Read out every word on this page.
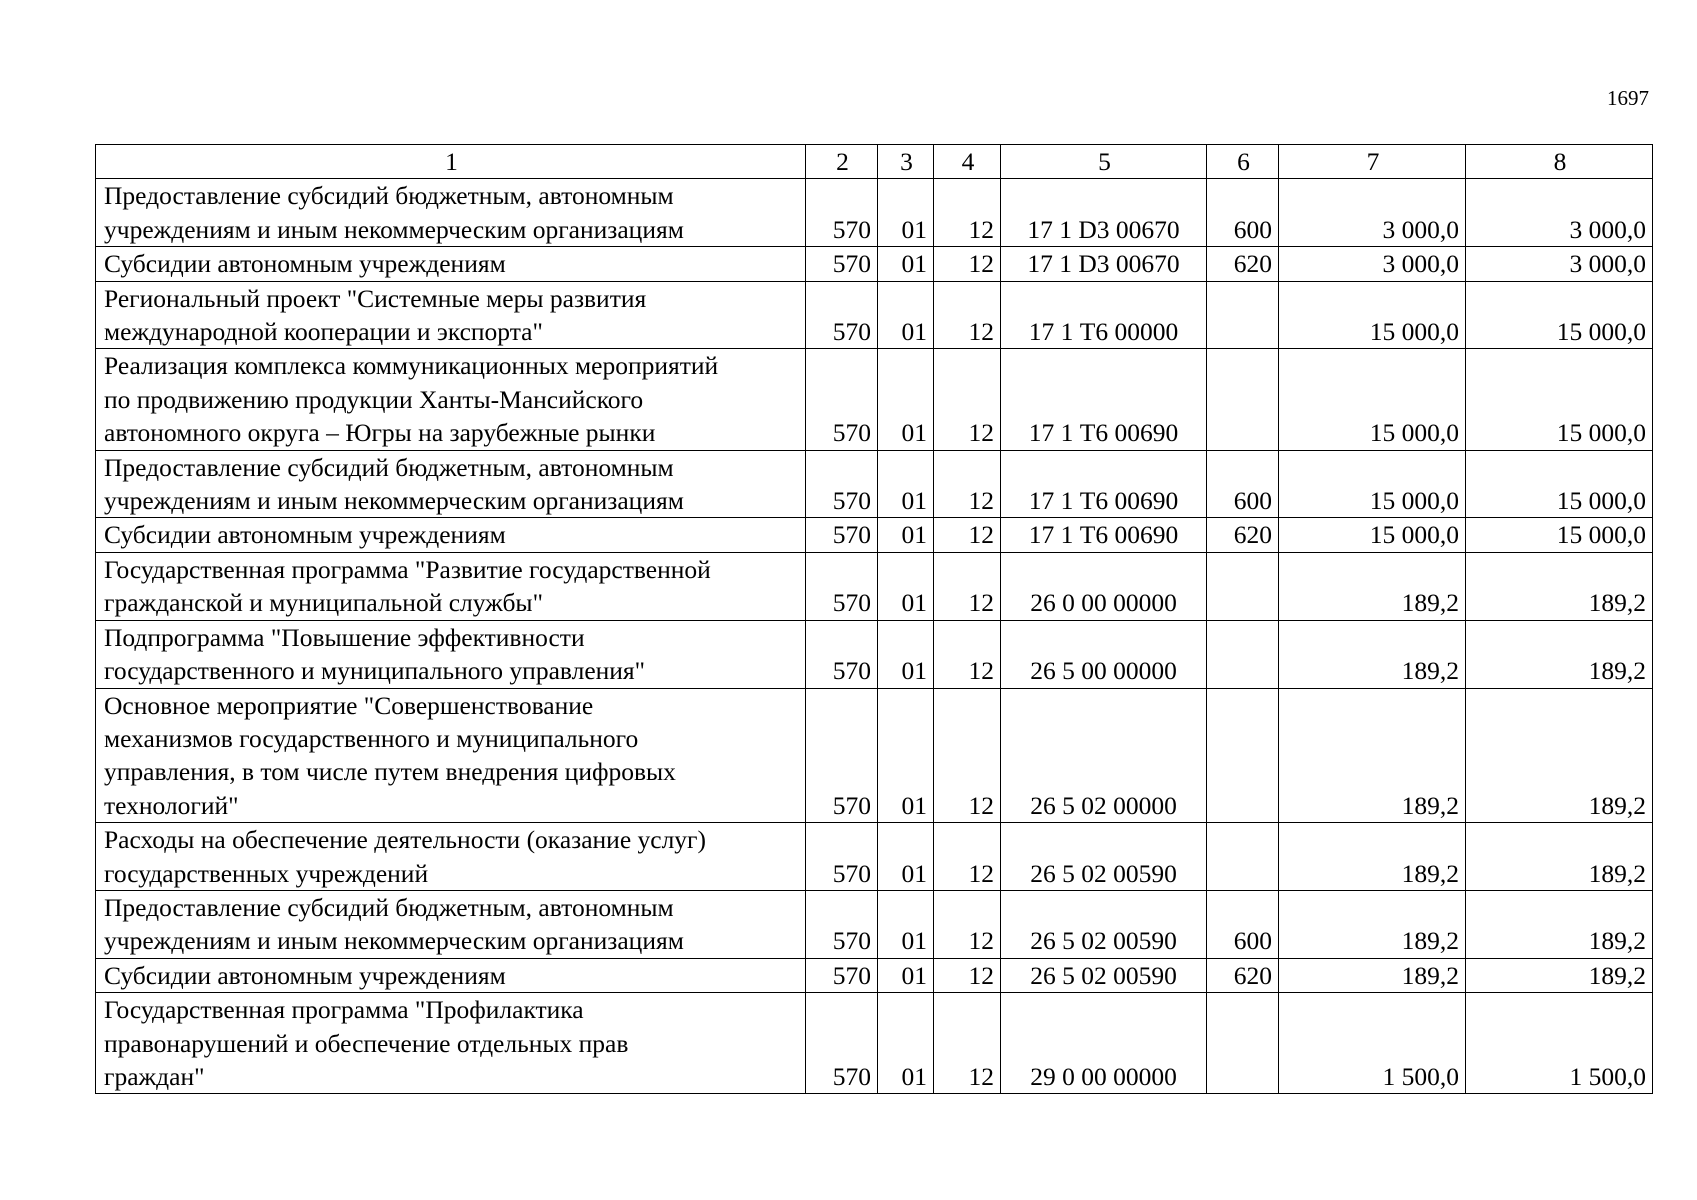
1697
1	2	3	4	5	6	7	8

Предоставление субсидий бюджетным, автономным
учреждениям и иным некоммерческим организациям	570	01	12	17 1 D3 00670	600	3 000,0	3 000,0

Субсидии автономным учреждениям	570	01	12	17 1 D3 00670	620	3 000,0	3 000,0

Региональный проект "Системные меры развития
международной кооперации и экспорта"	570	01	12	17 1 Т6 00000		15 000,0	15 000,0

Реализация комплекса коммуникационных мероприятий
по продвижению продукции Ханты-Мансийского
автономного округа – Югры на зарубежные рынки	570	01	12	17 1 Т6 00690		15 000,0	15 000,0

Предоставление субсидий бюджетным, автономным
учреждениям и иным некоммерческим организациям	570	01	12	17 1 Т6 00690	600	15 000,0	15 000,0

Субсидии автономным учреждениям	570	01	12	17 1 Т6 00690	620	15 000,0	15 000,0

Государственная программа "Развитие государственной
гражданской и муниципальной службы"	570	01	12	26 0 00 00000		189,2	189,2

Подпрограмма "Повышение эффективности
государственного и муниципального управления"	570	01	12	26 5 00 00000		189,2	189,2

Основное мероприятие "Совершенствование
механизмов государственного и муниципального
управления, в том числе путем внедрения цифровых
технологий"	570	01	12	26 5 02 00000		189,2	189,2

Расходы на обеспечение деятельности (оказание услуг)
государственных учреждений	570	01	12	26 5 02 00590		189,2	189,2

Предоставление субсидий бюджетным, автономным
учреждениям и иным некоммерческим организациям	570	01	12	26 5 02 00590	600	189,2	189,2

Субсидии автономным учреждениям	570	01	12	26 5 02 00590	620	189,2	189,2

Государственная программа "Профилактика
правонарушений и обеспечение отдельных прав
граждан"	570	01	12	29 0 00 00000		1 500,0	1 500,0
